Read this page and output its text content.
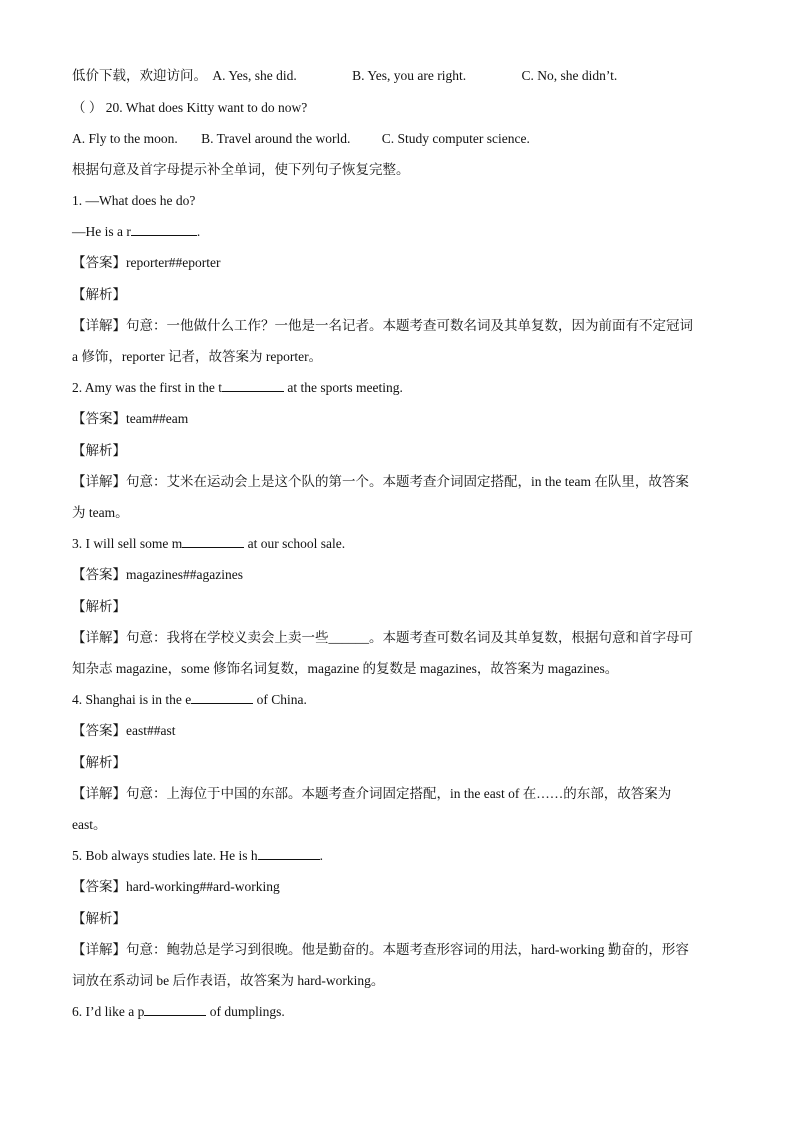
低价下载，欢迎访问。 A. Yes, she did.	B. Yes, you are right.	C. No, she didn’t.
（ ） 20. What does Kitty want to do now?
A. Fly to the moon. B. Travel around the world. C. Study computer science.
根据句意及首字母提示补全单词，使下列句子恢复完整。
1. —What does he do?
—He is a r	.
【答案】reporter##eporter
【解析】
【详解】句意：一他做什么工作？一他是一名记者。本题考查可数名词及其单复数，因为前面有不定冠词
a 修饰，reporter 记者，故答案为 reporter。
2. Amy was the first in the t	at the sports meeting.
【答案】team##eam
【解析】
【详解】句意：艾米在运动会上是这个队的第一个。本题考查介词固定搭配，in the team 在队里，故答案
为 team。
3. I will sell some m	at our school sale.
【答案】magazines##agazines
【解析】
【详解】句意：我将在学校义卖会上卖一些______。本题考查可数名词及其单复数，根据句意和首字母可
知杂志 magazine，some 修饰名词复数，magazine 的复数是 magazines，故答案为 magazines。
4. Shanghai is in the e	of China.
【答案】east##ast
【解析】
【详解】句意：上海位于中国的东部。本题考查介词固定搭配，in the east of 在……的东部，故答案为
east。
5. Bob always studies late. He is h	.
【答案】hard-working##ard-working
【解析】
【详解】句意：鲍勃总是学习到很晚。他是勤奋的。本题考查形容词的用法，hard-working 勤奋的，形容
词放在系动词 be 后作表语，故答案为 hard-working。
6. I’d like a p	of dumplings.
